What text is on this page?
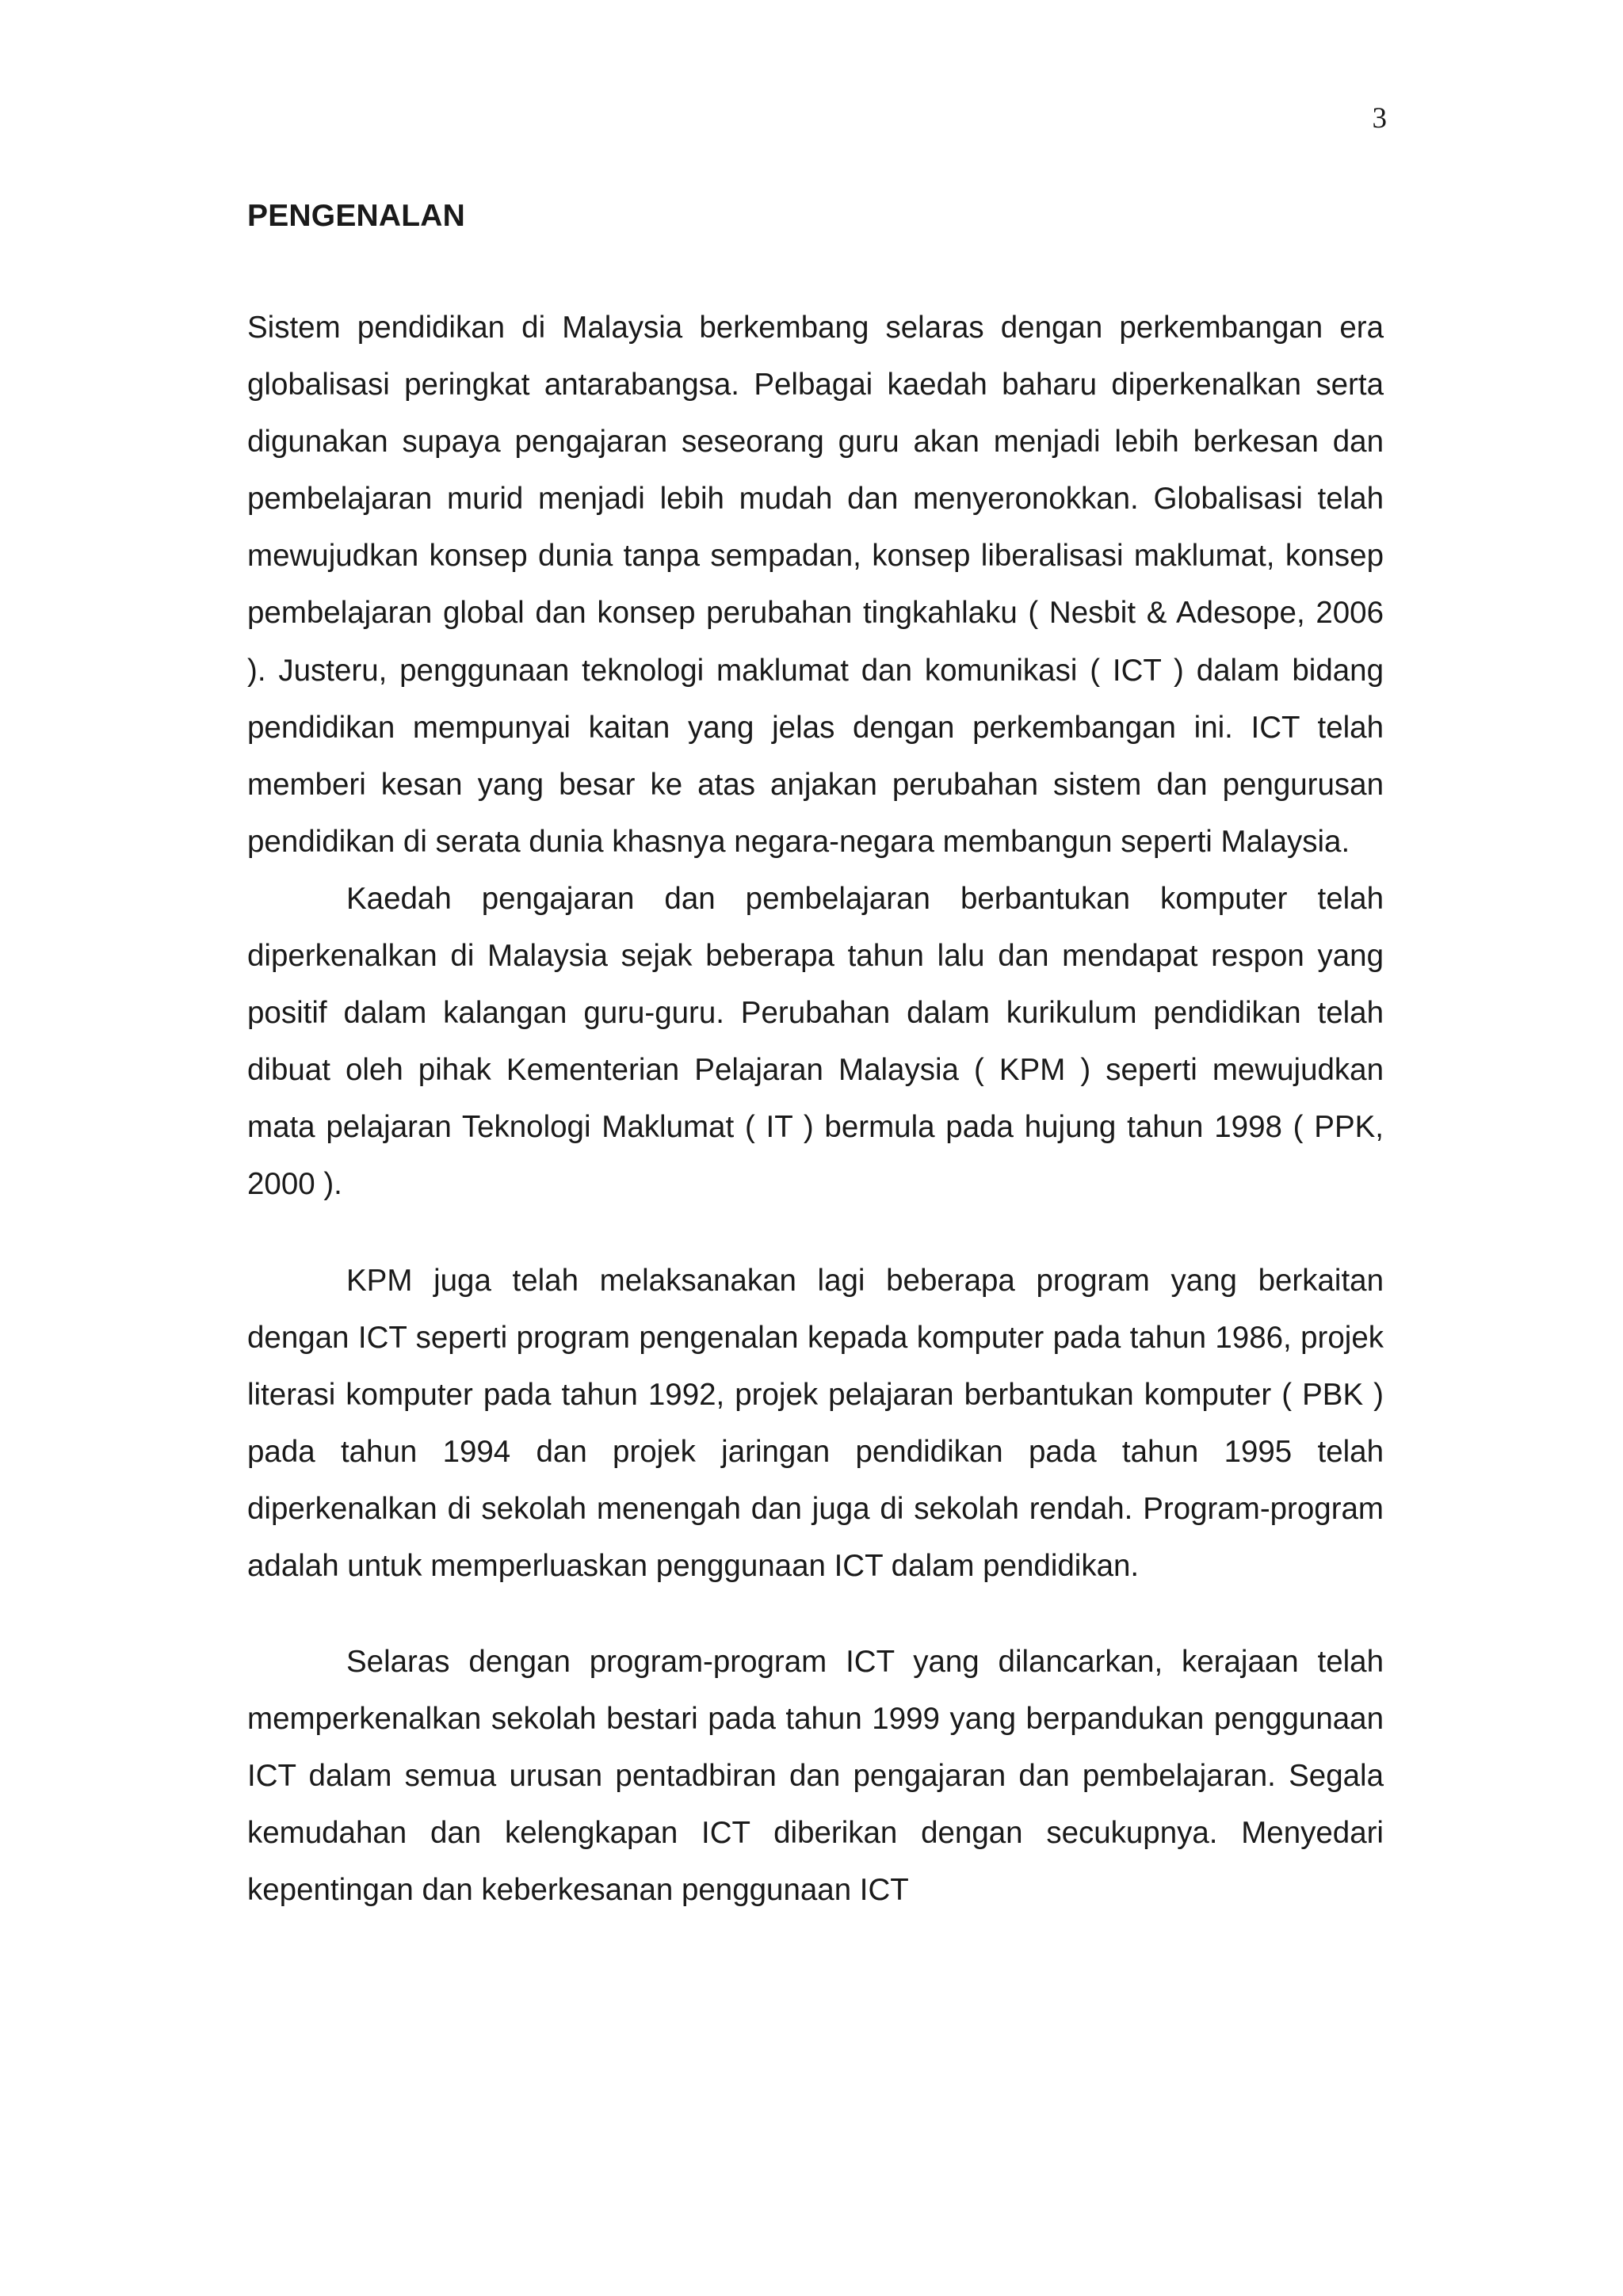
3
PENGENALAN

Sistem pendidikan di Malaysia berkembang selaras dengan perkembangan era globalisasi peringkat antarabangsa. Pelbagai kaedah baharu diperkenalkan serta digunakan supaya pengajaran seseorang guru akan menjadi lebih berkesan dan pembelajaran murid menjadi lebih mudah dan menyeronokkan. Globalisasi telah mewujudkan konsep dunia tanpa sempadan, konsep liberalisasi maklumat, konsep pembelajaran global dan konsep perubahan tingkahlaku ( Nesbit & Adesope, 2006 ). Justeru, penggunaan teknologi maklumat dan komunikasi ( ICT ) dalam bidang pendidikan mempunyai kaitan yang jelas dengan perkembangan ini. ICT telah memberi kesan yang besar ke atas anjakan perubahan sistem dan pengurusan pendidikan di serata dunia khasnya negara-negara membangun seperti Malaysia.

Kaedah pengajaran dan pembelajaran berbantukan komputer telah diperkenalkan di Malaysia sejak beberapa tahun lalu dan mendapat respon yang positif dalam kalangan guru-guru. Perubahan dalam kurikulum pendidikan telah dibuat oleh pihak Kementerian Pelajaran Malaysia ( KPM ) seperti mewujudkan mata pelajaran Teknologi Maklumat ( IT ) bermula pada hujung tahun 1998 ( PPK, 2000 ).

KPM juga telah melaksanakan lagi beberapa program yang berkaitan dengan ICT seperti program pengenalan kepada komputer pada tahun 1986, projek literasi komputer pada tahun 1992, projek pelajaran berbantukan komputer ( PBK ) pada tahun 1994 dan projek jaringan pendidikan pada tahun 1995 telah diperkenalkan di sekolah menengah dan juga di sekolah rendah. Program-program adalah untuk memperluaskan penggunaan ICT dalam pendidikan.

Selaras dengan program-program ICT yang dilancarkan, kerajaan telah memperkenalkan sekolah bestari pada tahun 1999 yang berpandukan penggunaan ICT dalam semua urusan pentadbiran dan pengajaran dan pembelajaran. Segala kemudahan dan kelengkapan ICT diberikan dengan secukupnya. Menyedari kepentingan dan keberkesanan penggunaan ICT
